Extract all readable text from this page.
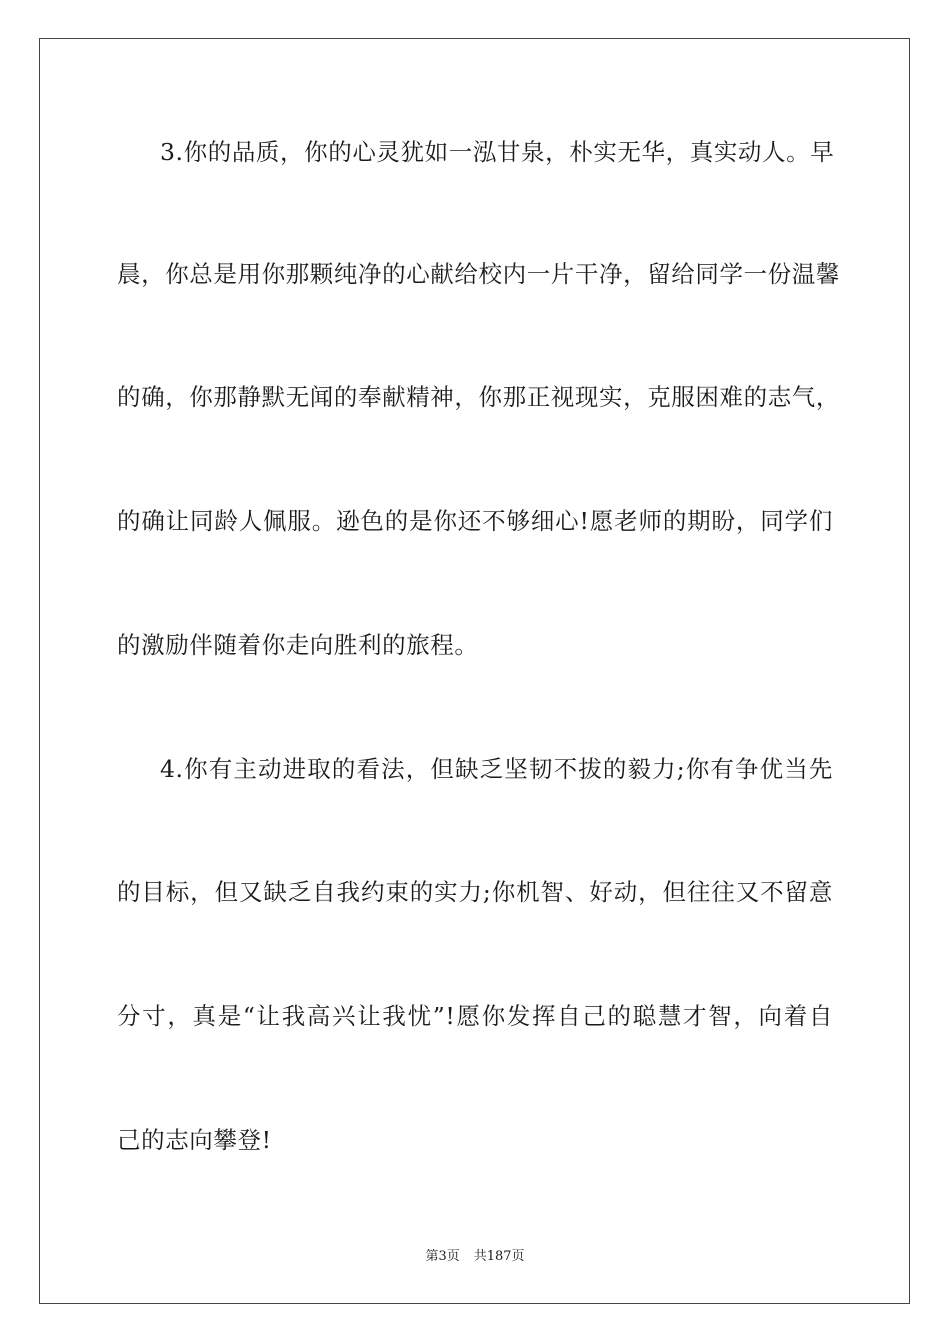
3.你的品质，你的心灵犹如一泓甘泉，朴实无华，真实动人。早
晨，你总是用你那颗纯净的心献给校内一片干净，留给同学一份温馨
的确，你那静默无闻的奉献精神，你那正视现实，克服困难的志气，
的确让同龄人佩服。逊色的是你还不够细心!愿老师的期盼，同学们
的激励伴随着你走向胜利的旅程。
4.你有主动进取的看法，但缺乏坚韧不拔的毅力;你有争优当先
的目标，但又缺乏自我约束的实力;你机智、好动，但往往又不留意
分寸，真是“让我高兴让我忧”!愿你发挥自己的聪慧才智，向着自
己的志向攀登!
第3页 共187页
